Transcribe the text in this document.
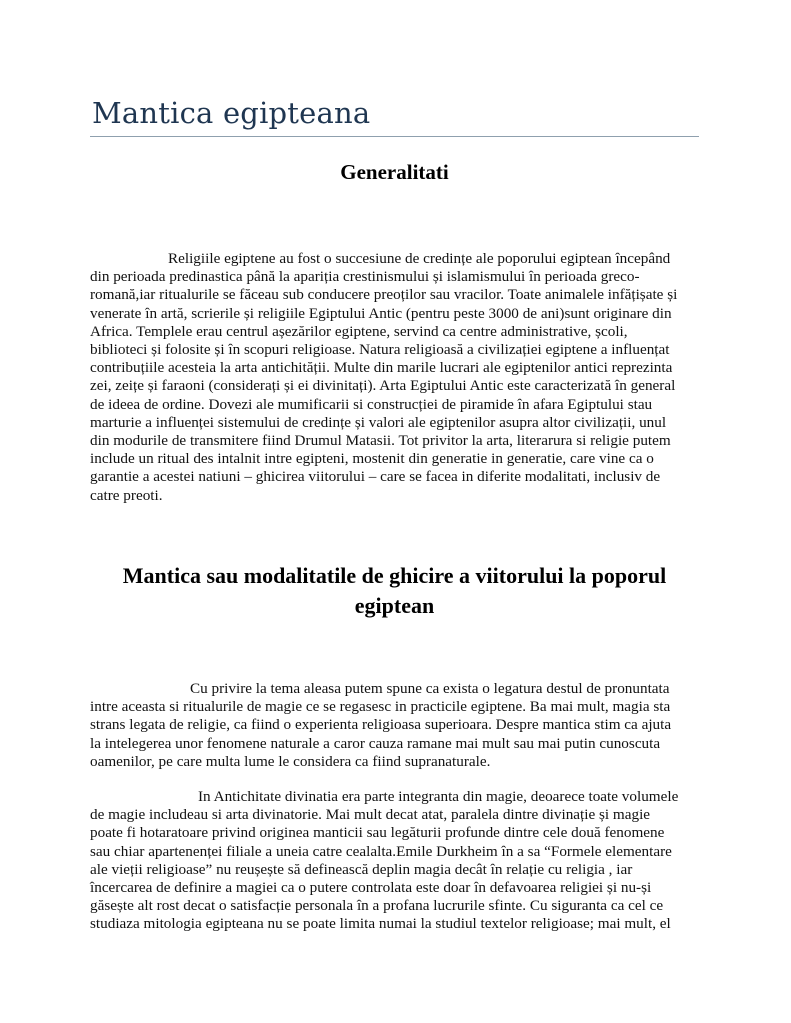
Mantica egipteana
Generalitati

Religiile egiptene au fost o succesiune de credințe ale poporului egiptean începând
din perioada predinastica până la apariția crestinismului și islamismului în perioada greco-
romană,iar ritualurile se făceau sub conducere preoților sau vracilor. Toate animalele infățișate și
venerate în artă, scrierile și religiile Egiptului Antic (pentru peste 3000 de ani)sunt originare din
Africa. Templele erau centrul așezărilor egiptene, servind ca centre administrative, școli,
biblioteci și folosite și în scopuri religioase. Natura religioasă a civilizației egiptene a influențat
contribuțiile acesteia la arta antichității. Multe din marile lucrari ale egiptenilor antici reprezinta
zei, zeițe și faraoni (considerați și ei divinitați). Arta Egiptului Antic este caracterizată în general
de ideea de ordine. Dovezi ale mumificarii si construcției de piramide în afara Egiptului stau
marturie a influenței sistemului de credințe și valori ale egiptenilor asupra altor civilizații, unul
din modurile de transmitere fiind Drumul Matasii. Tot privitor la arta, literarura si religie putem
include un ritual des intalnit intre egipteni, mostenit din generatie in generatie, care vine ca o
garantie a acestei natiuni – ghicirea viitorului – care se facea in diferite modalitati, inclusiv de
catre preoti.

Mantica sau modalitatile de ghicire a viitorului la poporul
egiptean

Cu privire la tema aleasa putem spune ca exista o legatura destul de pronuntata
intre aceasta si ritualurile de magie ce se regasesc in practicile egiptene. Ba mai mult, magia sta
strans legata de religie, ca fiind o experienta religioasa superioara. Despre mantica stim ca ajuta
la intelegerea unor fenomene naturale a caror cauza ramane mai mult sau mai putin cunoscuta
oamenilor, pe care multa lume le considera ca fiind supranaturale.

In Antichitate divinatia era parte integranta din magie, deoarece toate volumele
de magie includeau si arta divinatorie. Mai mult decat atat, paralela dintre divinație și magie
poate fi hotaratoare privind originea manticii sau legăturii profunde dintre cele două fenomene
sau chiar apartenenței filiale a uneia catre cealalta.Emile Durkheim în a sa “Formele elementare
ale vieții religioase” nu reușește să definească deplin magia decât în relație cu religia , iar
încercarea de definire a magiei ca o putere controlata este doar în defavoarea religiei și nu-și
găsește alt rost decat o satisfacție personala în a profana lucrurile sfinte. Cu siguranta ca cel ce
studiaza mitologia egipteana nu se poate limita numai la studiul textelor religioase; mai mult, el
